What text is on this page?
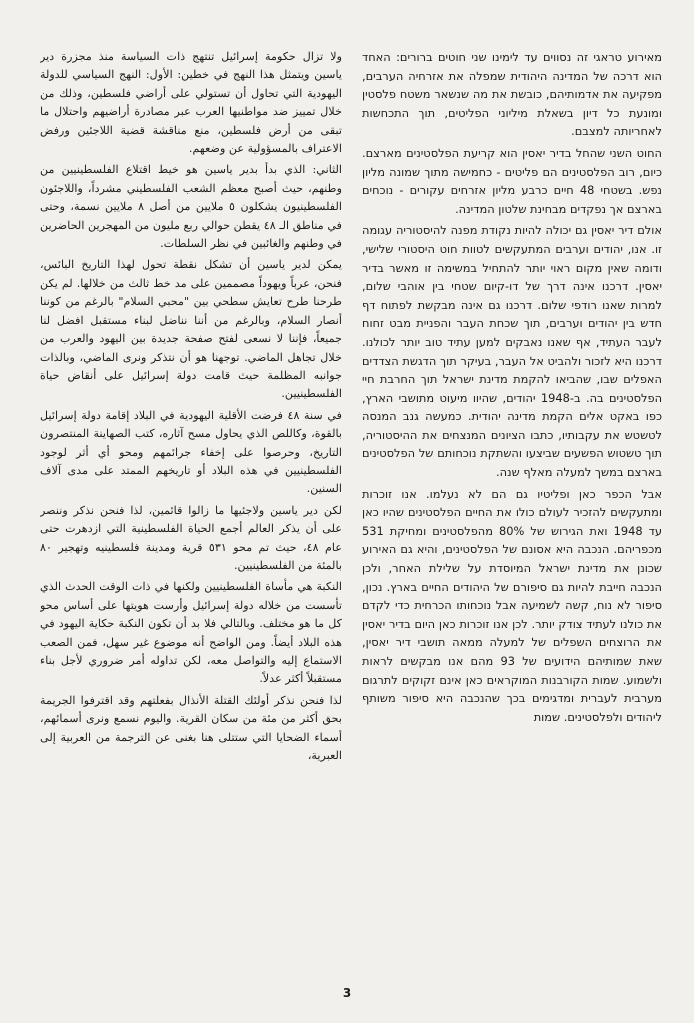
ولا تزال حكومة إسرائيل تنتهج ذات السياسة منذ مجزرة دير ياسين ويتمثل هذا النهج في خطين: الأول: النهج السياسي للدولة اليهودية التي تحاول أن تستولي على أراضي فلسطين، وذلك من خلال تمييز ضد مواطنيها العرب عبر مصادرة أراضيهم واحتلال ما تبقى من أرض فلسطين، منع مناقشة قضية اللاجئين ورفض الاعتراف بالمسؤولية عن وضعهم.

الثاني: الذي بدأ بدير ياسين هو خيط اقتلاع الفلسطينيين من وطنهم، حيث أصبح معظم الشعب الفلسطيني مشرداً، واللاجئون الفلسطينيون يشكلون ٥ ملايين من أصل ٨ ملايين نسمة، وحتى في مناطق الـ ٤٨ يقطن حوالي ربع مليون من المهجرين الحاضرين في وطنهم والغائبين في نظر السلطات.

يمكن لدير ياسين أن تشكل نقطة تحول لهذا التاريخ البائس، فنحن، عرباً ويهوداً مصممين على مد خط ثالث من خلالها. لم يكن طرحنا طرح تعايش سطحي بين "محبي السلام" بالرغم من كوننا أنصار السلام، وبالرغم من أننا نناضل لبناء مستقبل افضل لنا جميعاً، فإننا لا نسعى لفتح صفحة جديدة بين اليهود والعرب من خلال تجاهل الماضي. توجهنا هو أن نتذكر ونرى الماضي، وبالذات جوانبه المظلمة حيث قامت دولة إسرائيل على أنقاض حياة الفلسطينيين.

في سنة ٤٨ فرضت الأقلية اليهودية في البلاد إقامة دولة إسرائيل بالقوة، وكاللص الذي يحاول مسح آثاره، كتب الصهاينة المنتصرون التاريخ، وحرصوا على إخفاء جرائمهم ومحو أي أثر لوجود الفلسطينيين في هذه البلاد أو تاريخهم الممتد على مدى آلاف السنين.

لكن دير ياسين ولاجئيها ما زالوا قائمين، لذا فنحن نذكر وننصر على أن يذكر العالم أجمع الحياة الفلسطينية التي ازدهرت حتى عام ٤٨، حيث تم محو ٥٣١ قرية ومدينة فلسطينيه وتهجير ٨٠ بالمئة من الفلسطينيين.

النكبة هي مأساة الفلسطينيين ولكنها في ذات الوقت الحدث الذي تأسست من خلاله دولة إسرائيل وأرست هويتها على أساس محو كل ما هو مختلف. وبالتالي فلا بد أن تكون النكبة حكاية اليهود في هذه البلاد أيضاً. ومن الواضح أنه موضوع غير سهل، فمن الصعب الاستماع إليه والتواصل معه، لكن تداوله أمر ضروري لأجل بناء مستقبلاً أكثر عدلاً.

لذا فنحن نذكر أولئك القتلة الأنذال بفعلتهم وقد اقترفوا الجريمة بحق أكثر من مئة من سكان القرية. واليوم نسمع ونرى أسمائهم، أسماء الضحايا التي ستتلى هنا بغنى عن الترجمة من العربية إلى العبرية،

מאירוע טראגי זה נסווים עד לימינו שני חוטים ברורים: האחד הוא דרכה של המדינה היהודית שמפלה את אזרחיה הערבים, מפקיעה את אדמותיהם, כובשת את מה שנשאר משטח פלסטין ומונעת כל דיון בשאלת מיליוני הפליטים, תוך התכחשות לאחריותה למצבם.

החוט השני שהחל בדיר יאסין הוא קריעת הפלסטינים מארצם. כיום, רוב הפלסטינים הם פליטים - כחמישה מתוך שמונה מליון נפש. בשטחי 48 חיים כרבע מליון אזרחים עקורים - נוכחים בארצם אך נפקדים מבחינת שלטון המדינה.

אולם דיר יאסין גם יכולה להיות נקודת מפנה להיסטוריה עגומה זו. אנו, יהודים וערבים המתעקשים לטוות חוט היסטורי שלישי, ודומה שאין מקום ראוי יותר להתחיל במשימה זו מאשר בדיר יאסין. דרכנו אינה דרך של דו-קיום שטחי בין אוהבי שלום, למרות שאנו רודפי שלום. דרכנו גם אינה מבקשת לפתוח דף חדש בין יהודים וערבים, תוך שכחת העבר והפניית מבט זחוח לעבר העתיד, אף שאנו נאבקים למען עתיד טוב יותר לכולנו. דרכנו היא לזכור ולהביט אל העבר, בעיקר תוך הדגשת הצדדים האפלים שבו, שהביאו להקמת מדינת ישראל תוך החרבת חיי הפלסטינים בה. ב-1948 יהודים, שהיוו מיעוט מתושבי הארץ, כפו באקט אלים הקמת מדינה יהודית. כמעשה גנב המנסה לטשטש את עקבותיו, כתבו הציונים המנצחים את ההיסטוריה, תוך טשטוש הפשעים שביצעו והשתקת נוכחותם של הפלסטינים בארצם במשך למעלה מאלף שנה.

אבל הכפר כאן ופליטיו גם הם לא נעלמו. אנו זוכרות ומתעקשים להזכיר לעולם כולו את החיים הפלסטינים שהיו כאן עד 1948 ואת הגירוש של 80% מהפלסטינים ומחיקת 531 מכפריהם. הנכבה היא אסונם של הפלסטינים, והיא גם האירוע שכונן את מדינת ישראל המיוסדת על שלילת האחר, ולכן הנכבה חייבת להיות גם סיפורם של היהודים החיים בארץ. נכון, סיפור לא נוח, קשה לשמיעה אבל נוכחותו הכרחית כדי לקדם את כולנו לעתיד צודק יותר. לכן אנו זוכרות כאן היום בדיר יאסין את הרוצחים השפלים של למעלה ממאה תושבי דיר יאסין, שאת שמותיהם הידועים של 93 מהם אנו מבקשים לראות ולשמוע. שמות הקורבנות המוקראים כאן אינם זקוקים לתרגום מערבית לעברית ומדגימים בכך שהנכבה היא סיפור משותף ליהודים ולפלסטינים. שמות

3
